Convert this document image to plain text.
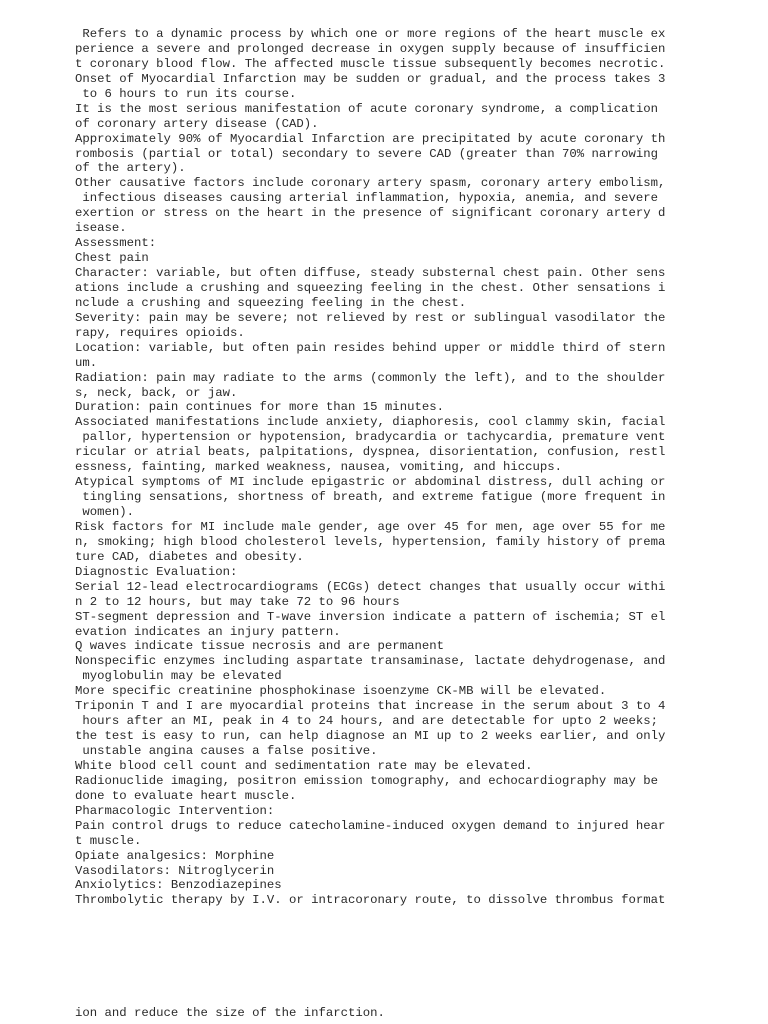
Refers to a dynamic process by which one or more regions of the heart muscle ex
perience a severe and prolonged decrease in oxygen supply because of insufficien
t coronary blood flow. The affected muscle tissue subsequently becomes necrotic.
Onset of Myocardial Infarction may be sudden or gradual, and the process takes 3
to 6 hours to run its course.
It is the most serious manifestation of acute coronary syndrome, a complication
of coronary artery disease (CAD).
Approximately 90% of Myocardial Infarction are precipitated by acute coronary th
rombosis (partial or total) secondary to severe CAD (greater than 70% narrowing
of the artery).
Other causative factors include coronary artery spasm, coronary artery embolism,
infectious diseases causing arterial inflammation, hypoxia, anemia, and severe
exertion or stress on the heart in the presence of significant coronary artery d
isease.
Assessment:
Chest pain
Character: variable, but often diffuse, steady substernal chest pain. Other sens
ations include a crushing and squeezing feeling in the chest. Other sensations i
nclude a crushing and squeezing feeling in the chest.
Severity: pain may be severe; not relieved by rest or sublingual vasodilator the
rapy, requires opioids.
Location: variable, but often pain resides behind upper or middle third of stern
um.
Radiation: pain may radiate to the arms (commonly the left), and to the shoulder
s, neck, back, or jaw.
Duration: pain continues for more than 15 minutes.
Associated manifestations include anxiety, diaphoresis, cool clammy skin, facial
pallor, hypertension or hypotension, bradycardia or tachycardia, premature vent
ricular or atrial beats, palpitations, dyspnea, disorientation, confusion, restl
essness, fainting, marked weakness, nausea, vomiting, and hiccups.
Atypical symptoms of MI include epigastric or abdominal distress, dull aching or
tingling sensations, shortness of breath, and extreme fatigue (more frequent in
women).
Risk factors for MI include male gender, age over 45 for men, age over 55 for me
n, smoking; high blood cholesterol levels, hypertension, family history of prema
ture CAD, diabetes and obesity.
Diagnostic Evaluation:
Serial 12-lead electrocardiograms (ECGs) detect changes that usually occur withi
n 2 to 12 hours, but may take 72 to 96 hours
ST-segment depression and T-wave inversion indicate a pattern of ischemia; ST el
evation indicates an injury pattern.
Q waves indicate tissue necrosis and are permanent
Nonspecific enzymes including aspartate transaminase, lactate dehydrogenase, and
myoglobulin may be elevated
More specific creatinine phosphokinase isoenzyme CK-MB will be elevated.
Triponin T and I are myocardial proteins that increase in the serum about 3 to 4
hours after an MI, peak in 4 to 24 hours, and are detectable for upto 2 weeks;
the test is easy to run, can help diagnose an MI up to 2 weeks earlier, and only
unstable angina causes a false positive.
White blood cell count and sedimentation rate may be elevated.
Radionuclide imaging, positron emission tomography, and echocardiography may be
done to evaluate heart muscle.
Pharmacologic Intervention:
Pain control drugs to reduce catecholamine-induced oxygen demand to injured hear
t muscle.
Opiate analgesics: Morphine
Vasodilators: Nitroglycerin
Anxiolytics: Benzodiazepines
Thrombolytic therapy by I.V. or intracoronary route, to dissolve thrombus format
ion and reduce the size of the infarction.
